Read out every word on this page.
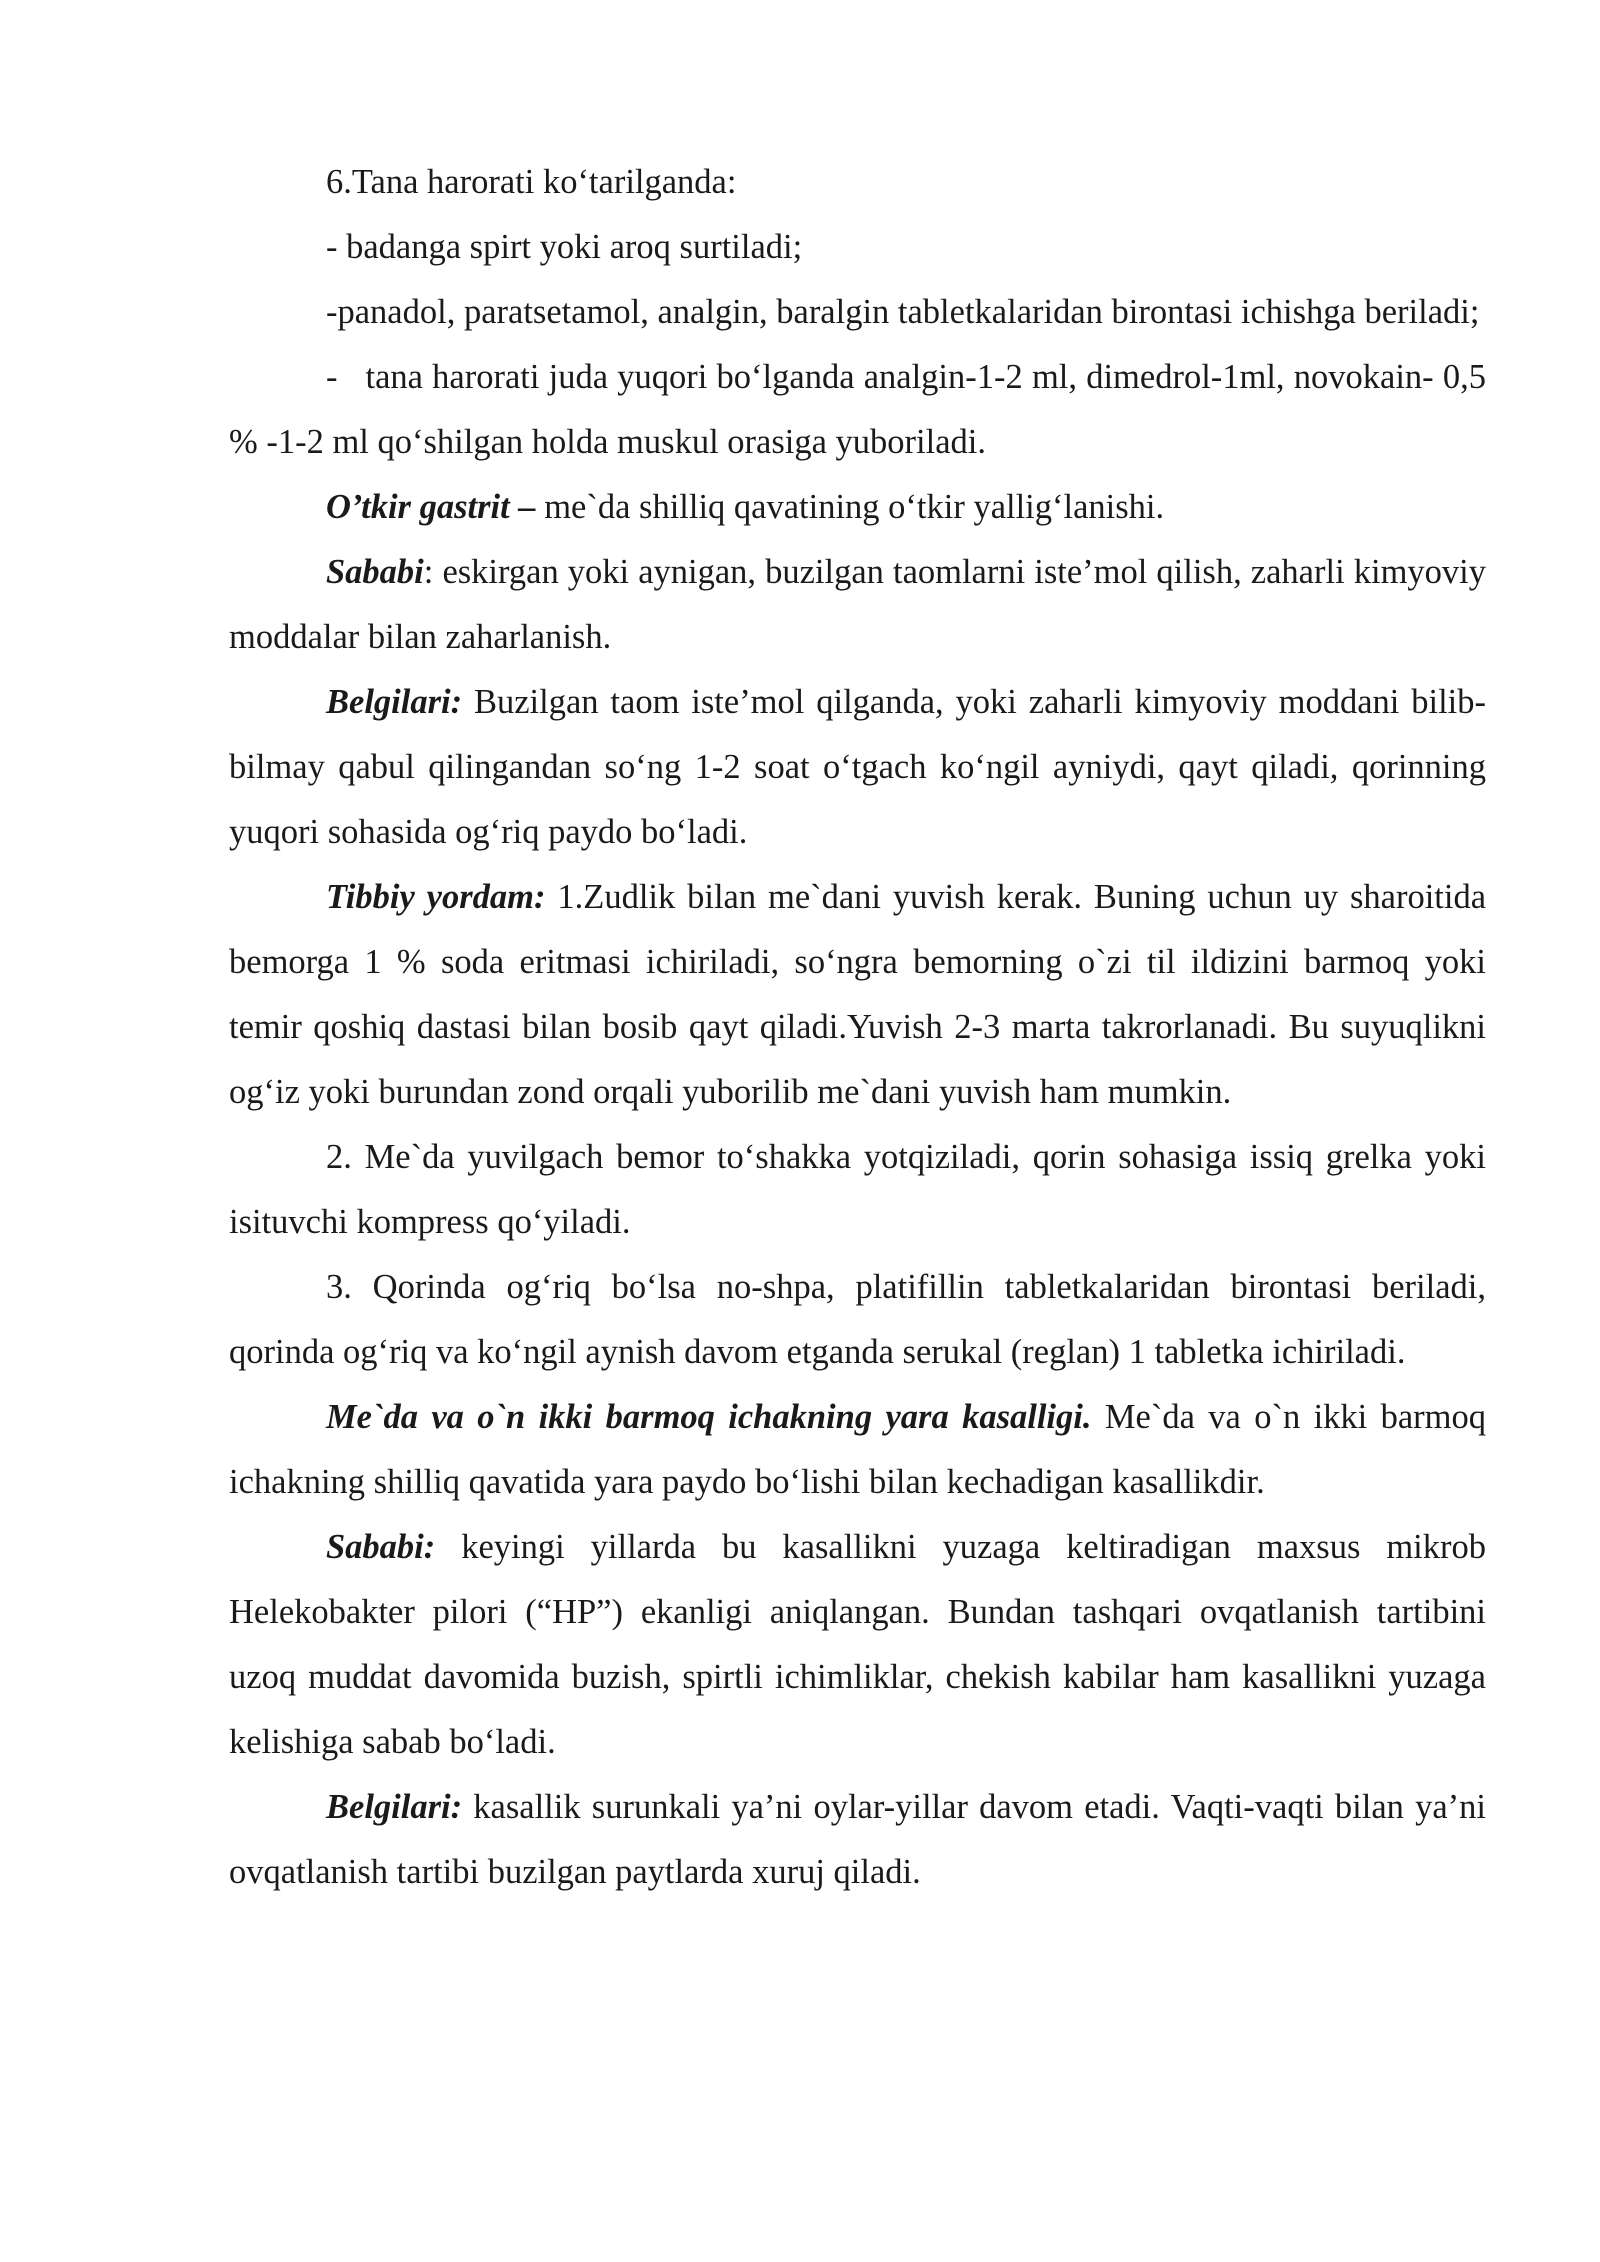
6.Tana harorati ko‘tarilganda:

- badanga spirt yoki aroq surtiladi;

-panadol, paratsetamol, analgin, baralgin tabletkalaridan birontasi ichishga beriladi;

- tana harorati juda yuqori bo‘lganda analgin-1-2 ml, dimedrol-1ml, novokain- 0,5 % -1-2 ml qo‘shilgan holda muskul orasiga yuboriladi.

O’tkir gastrit – me`da shilliq qavatining o‘tkir yallig‘lanishi.

Sababi: eskirgan yoki aynigan, buzilgan taomlarni iste’mol qilish, zaharli kimyoviy moddalar bilan zaharlanish.

Belgilari: Buzilgan taom iste’mol qilganda, yoki zaharli kimyoviy moddani bilib-bilmay qabul qilingandan so‘ng 1-2 soat o‘tgach ko‘ngil ayniydi, qayt qiladi, qorinning yuqori sohasida og‘riq paydo bo‘ladi.

Tibbiy yordam: 1.Zudlik bilan me`dani yuvish kerak. Buning uchun uy sharoitida bemorga 1 % soda eritmasi ichiriladi, so‘ngra bemorning o`zi til ildizini barmoq yoki temir qoshiq dastasi bilan bosib qayt qiladi.Yuvish 2-3 marta takrorlanadi. Bu suyuqlikni og‘iz yoki burundan zond orqali yuborilib me`dani yuvish ham mumkin.

2. Me`da yuvilgach bemor to‘shakka yotqiziladi, qorin sohasiga issiq grelka yoki isituvchi kompress qo‘yiladi.

3. Qorinda og‘riq bo‘lsa no-shpa, platifillin tabletkalaridan birontasi beriladi, qorinda og‘riq va ko‘ngil aynish davom etganda serukal (reglan) 1 tabletka ichiriladi.

Me`da va o`n ikki barmoq ichakning yara kasalligi. Me`da va o`n ikki barmoq ichakning shilliq qavatida yara paydo bo‘lishi bilan kechadigan kasallikdir.

Sababi: keyingi yillarda bu kasallikni yuzaga keltiradigan maxsus mikrob Helekobakter pilori (“HP”) ekanligi aniqlangan. Bundan tashqari ovqatlanish tartibini uzoq muddat davomida buzish, spirtli ichimliklar, chekish kabilar ham kasallikni yuzaga kelishiga sabab bo‘ladi.

Belgilari: kasallik surunkali ya’ni oylar-yillar davom etadi. Vaqti-vaqti bilan ya’ni ovqatlanish tartibi buzilgan paytlarda xuruj qiladi.
